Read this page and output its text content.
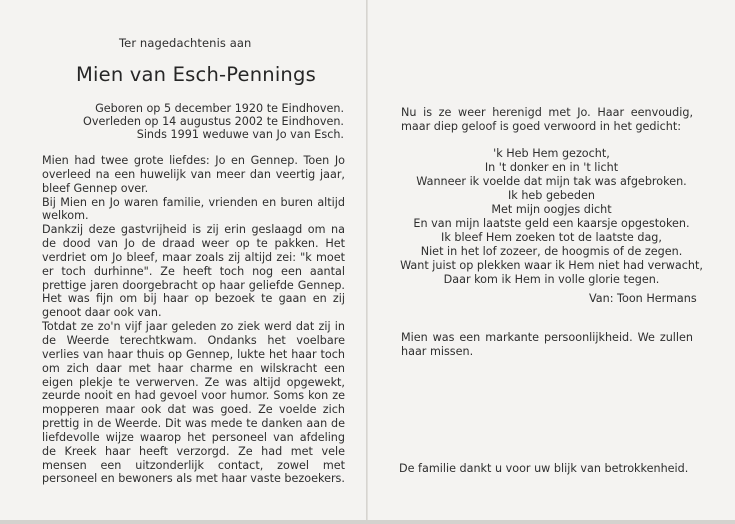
Ter nagedachtenis aan
Mien van Esch-Pennings
Geboren op 5 december 1920 te Eindhoven.
Overleden op 14 augustus 2002 te Eindhoven.
Sinds 1991 weduwe van Jo van Esch.
Mien had twee grote liefdes: Jo en Gennep. Toen Jo overleed na een huwelijk van meer dan veertig jaar, bleef Gennep over.
Bij Mien en Jo waren familie, vrienden en buren altijd welkom.
Dankzij deze gastvrijheid is zij erin geslaagd om na de dood van Jo de draad weer op te pakken. Het verdriet om Jo bleef, maar zoals zij altijd zei: "k moet er toch durhinne". Ze heeft toch nog een aantal prettige jaren doorgebracht op haar geliefde Gennep. Het was fijn om bij haar op bezoek te gaan en zij genoot daar ook van.
Totdat ze zo'n vijf jaar geleden zo ziek werd dat zij in de Weerde terechtkwam. Ondanks het voelbare verlies van haar thuis op Gennep, lukte het haar toch om zich daar met haar charme en wilskracht een eigen plekje te verwerven. Ze was altijd opgewekt, zeurde nooit en had gevoel voor humor. Soms kon ze mopperen maar ook dat was goed. Ze voelde zich prettig in de Weerde. Dit was mede te danken aan de liefdevolle wijze waarop het personeel van afdeling de Kreek haar heeft verzorgd. Ze had met vele mensen een uitzonderlijk contact, zowel met personeel en bewoners als met haar vaste bezoekers.
Nu is ze weer herenigd met Jo. Haar eenvoudig, maar diep geloof is goed verwoord in het gedicht:
'k Heb Hem gezocht,
In 't donker en in 't licht
Wanneer ik voelde dat mijn tak was afgebroken.
Ik heb gebeden
Met mijn oogjes dicht
En van mijn laatste geld een kaarsje opgestoken.
Ik bleef Hem zoeken tot de laatste dag,
Niet in het lof zozeer, de hoogmis of de zegen.
Want juist op plekken waar ik Hem niet had verwacht,
Daar kom ik Hem in volle glorie tegen.
Van: Toon Hermans
Mien was een markante persoonlijkheid. We zullen haar missen.
De familie dankt u voor uw blijk van betrokkenheid.
